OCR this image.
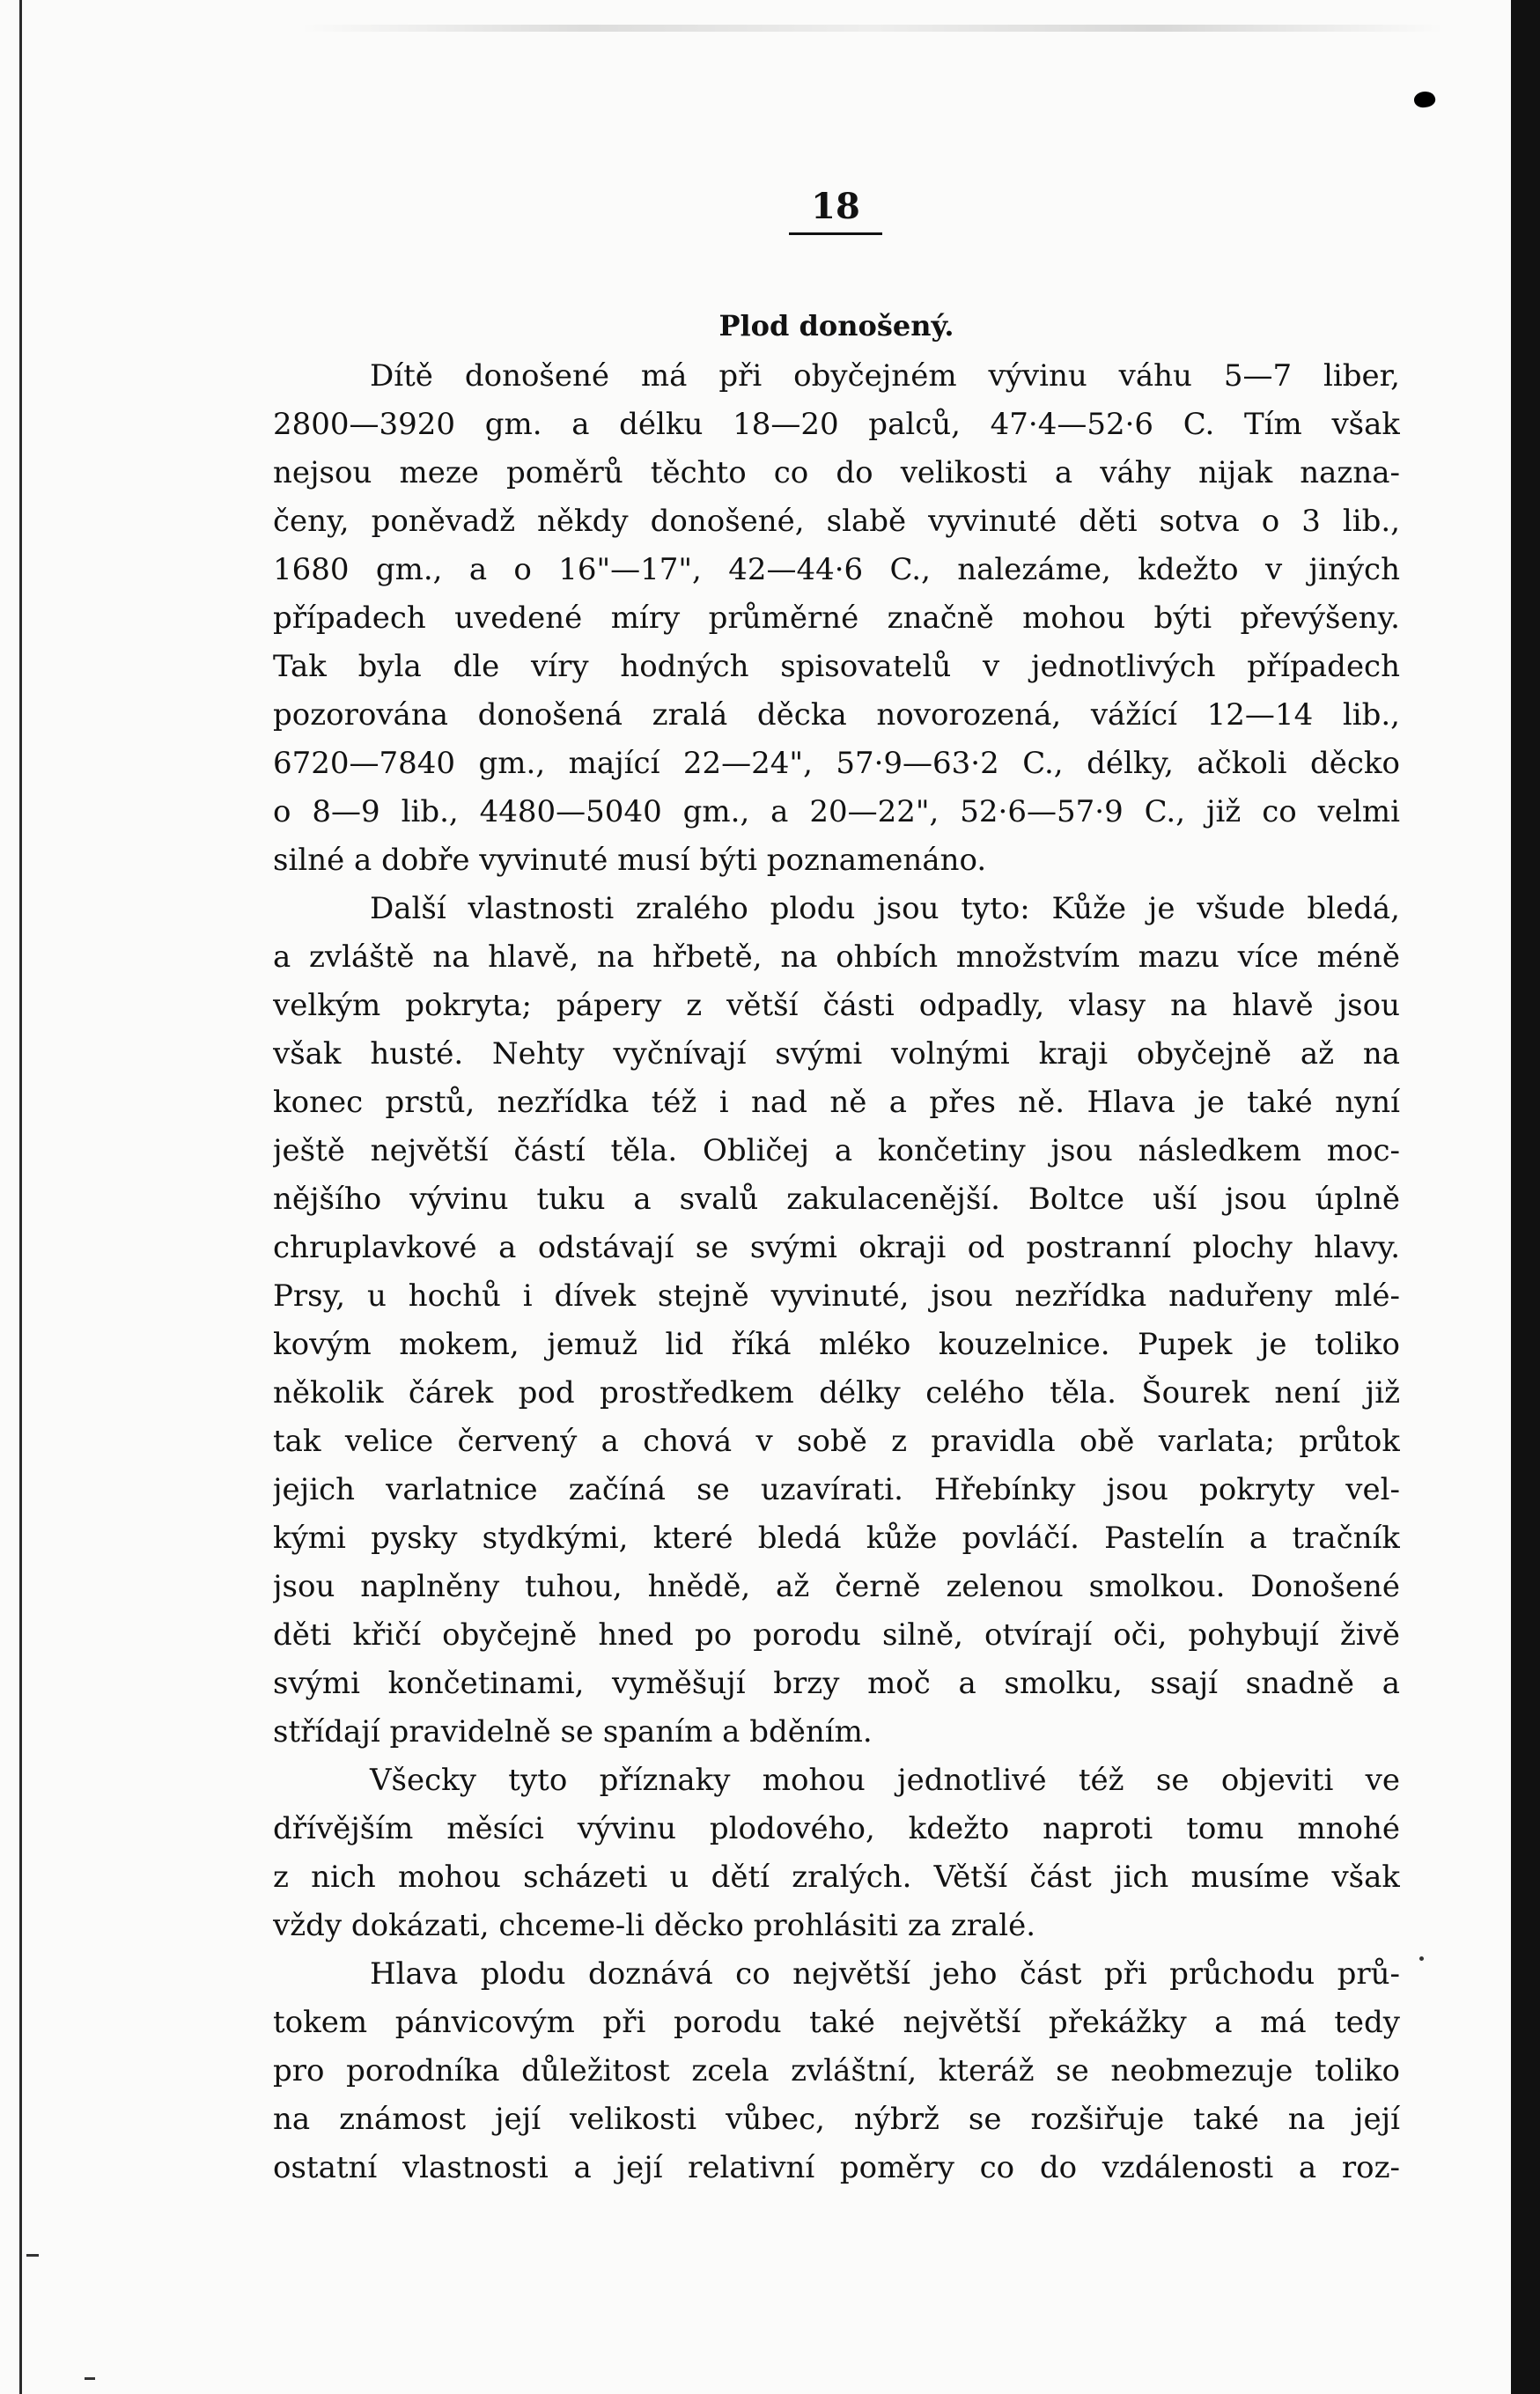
18
Plod donošený.
Dítě donošené má při obyčejném vývinu váhu 5—7 liber,
2800—3920 gm. a délku 18—20 palců, 47·4—52·6 C. Tím však
nejsou meze poměrů těchto co do velikosti a váhy nijak nazna-
čeny, poněvadž někdy donošené, slabě vyvinuté děti sotva o 3 lib.,
1680 gm., a o 16"—17", 42—44·6 C., nalezáme, kdežto v jiných
případech uvedené míry průměrné značně mohou býti převýšeny.
Tak byla dle víry hodných spisovatelů v jednotlivých případech
pozorována donošená zralá děcka novorozená, vážící 12—14 lib.,
6720—7840 gm., mající 22—24", 57·9—63·2 C., délky, ačkoli děcko
o 8—9 lib., 4480—5040 gm., a 20—22", 52·6—57·9 C., již co velmi
silné a dobře vyvinuté musí býti poznamenáno.
Další vlastnosti zralého plodu jsou tyto: Kůže je všude bledá,
a zvláště na hlavě, na hřbetě, na ohbích množstvím mazu více méně
velkým pokryta; pápery z větší části odpadly, vlasy na hlavě jsou
však husté. Nehty vyčnívají svými volnými kraji obyčejně až na
konec prstů, nezřídka též i nad ně a přes ně. Hlava je také nyní
ještě největší částí těla. Obličej a končetiny jsou následkem moc-
nějšího vývinu tuku a svalů zakulacenější. Boltce uší jsou úplně
chruplavkové a odstávají se svými okraji od postranní plochy hlavy.
Prsy, u hochů i dívek stejně vyvinuté, jsou nezřídka naduřeny mlé-
kovým mokem, jemuž lid říká mléko kouzelnice. Pupek je toliko
několik čárek pod prostředkem délky celého těla. Šourek není již
tak velice červený a chová v sobě z pravidla obě varlata; průtok
jejich varlatnice začíná se uzavírati. Hřebínky jsou pokryty vel-
kými pysky stydkými, které bledá kůže povláčí. Pastelín a tračník
jsou naplněny tuhou, hnědě, až černě zelenou smolkou. Donošené
děti křičí obyčejně hned po porodu silně, otvírají oči, pohybují živě
svými končetinami, vyměšují brzy moč a smolku, ssají snadně a
střídají pravidelně se spaním a bděním.
Všecky tyto příznaky mohou jednotlivé též se objeviti ve
dřívějším měsíci vývinu plodového, kdežto naproti tomu mnohé
z nich mohou scházeti u dětí zralých. Větší část jich musíme však
vždy dokázati, chceme-li děcko prohlásiti za zralé.
Hlava plodu doznává co největší jeho část při průchodu prů-
tokem pánvicovým při porodu také největší překážky a má tedy
pro porodníka důležitost zcela zvláštní, kteráž se neobmezuje toliko
na známost její velikosti vůbec, nýbrž se rozšiřuje také na její
ostatní vlastnosti a její relativní poměry co do vzdálenosti a roz-
